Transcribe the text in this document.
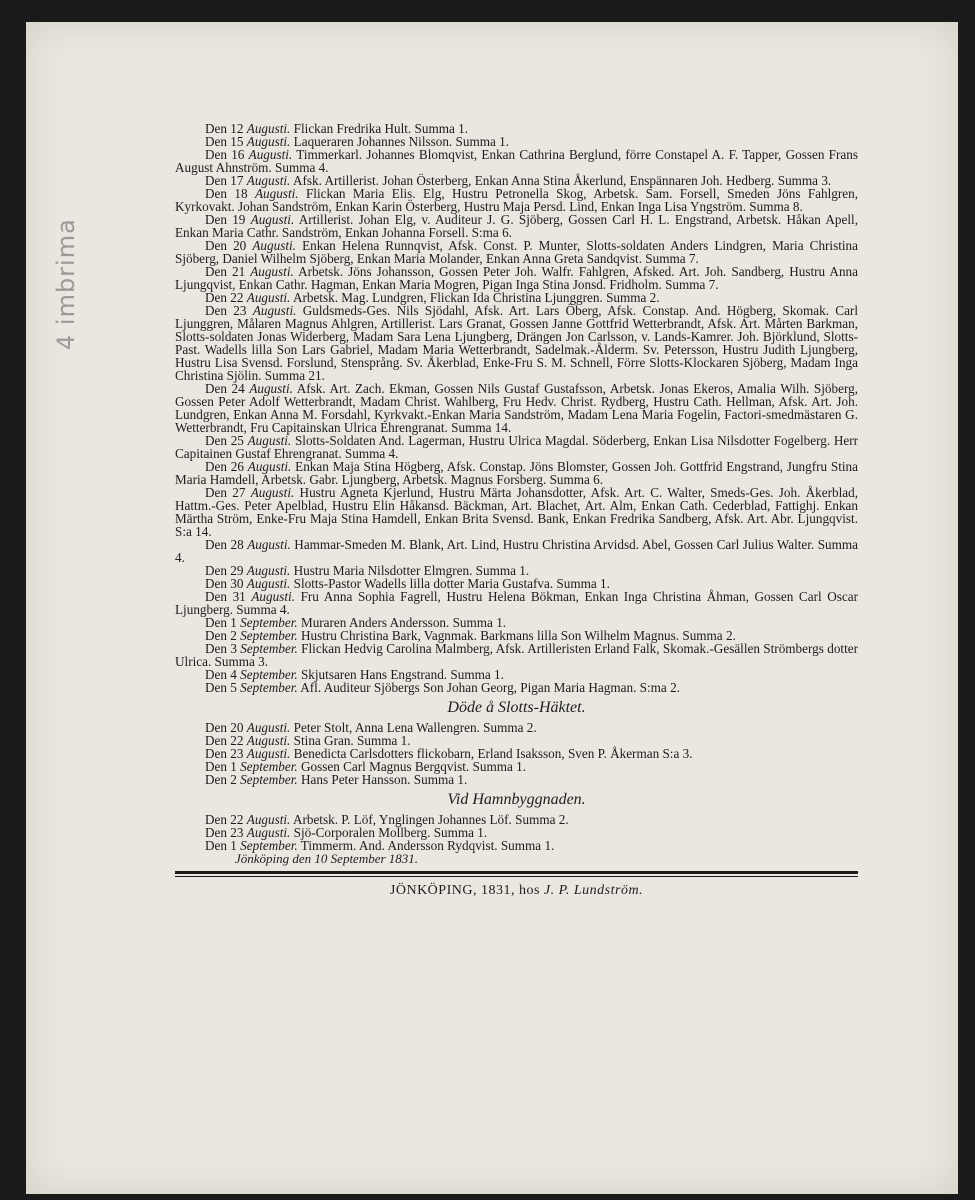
4 imbrima

Den 12 Augusti. Flickan Fredrika Hult. Summa 1.

Den 15 Augusti. Laqueraren Johannes Nilsson. Summa 1.

Den 16 Augusti. Timmerkarl. Johannes Blomqvist, Enkan Cathrina Berglund, förre Constapel A. F. Tapper, Gossen Frans August Ahnström. Summa 4.

Den 17 Augusti. Afsk. Artillerist. Johan Österberg, Enkan Anna Stina Åkerlund, Enspännaren Joh. Hedberg. Summa 3.

Den 18 Augusti. Flickan Maria Elis. Elg, Hustru Petronella Skog, Arbetsk. Sam. Forsell, Smeden Jöns Fahlgren, Kyrkovakt. Johan Sandström, Enkan Karin Österberg, Hustru Maja Persd. Lind, Enkan Inga Lisa Yngström. Summa 8.

Den 19 Augusti. Artillerist. Johan Elg, v. Auditeur J. G. Sjöberg, Gossen Carl H. L. Engstrand, Arbetsk. Håkan Apell, Enkan Maria Cathr. Sandström, Enkan Johanna Forsell. S:ma 6.

Den 20 Augusti. Enkan Helena Runnqvist, Afsk. Const. P. Munter, Slotts-soldaten Anders Lindgren, Maria Christina Sjöberg, Daniel Wilhelm Sjöberg, Enkan Maria Molander, Enkan Anna Greta Sandqvist. Summa 7.

Den 21 Augusti. Arbetsk. Jöns Johansson, Gossen Peter Joh. Walfr. Fahlgren, Afsked. Art. Joh. Sandberg, Hustru Anna Ljungqvist, Enkan Cathr. Hagman, Enkan Maria Mogren, Pigan Inga Stina Jonsd. Fridholm. Summa 7.

Den 22 Augusti. Arbetsk. Mag. Lundgren, Flickan Ida Christina Ljunggren. Summa 2.

Den 23 Augusti. Guldsmeds-Ges. Nils Sjödahl, Afsk. Art. Lars Öberg, Afsk. Constap. And. Högberg, Skomak. Carl Ljunggren, Målaren Magnus Ahlgren, Artillerist. Lars Granat, Gossen Janne Gottfrid Wetterbrandt, Afsk. Art. Mårten Barkman, Slotts-soldaten Jonas Widerberg, Madam Sara Lena Ljungberg, Drängen Jon Carlsson, v. Lands-Kamrer. Joh. Björklund, Slotts-Past. Wadells lilla Son Lars Gabriel, Madam Maria Wetterbrandt, Sadelmak.-Ålderm. Sv. Petersson, Hustru Judith Ljungberg, Hustru Lisa Svensd. Forslund, Stensprång. Sv. Åkerblad, Enke-Fru S. M. Schnell, Förre Slotts-Klockaren Sjöberg, Madam Inga Christina Sjölin. Summa 21.

Den 24 Augusti. Afsk. Art. Zach. Ekman, Gossen Nils Gustaf Gustafsson, Arbetsk. Jonas Ekeros, Amalia Wilh. Sjöberg, Gossen Peter Adolf Wetterbrandt, Madam Christ. Wahlberg, Fru Hedv. Christ. Rydberg, Hustru Cath. Hellman, Afsk. Art. Joh. Lundgren, Enkan Anna M. Forsdahl, Kyrkvakt.-Enkan Maria Sandström, Madam Lena Maria Fogelin, Factori-smedmästaren G. Wetterbrandt, Fru Capitainskan Ulrica Ehrengranat. Summa 14.

Den 25 Augusti. Slotts-Soldaten And. Lagerman, Hustru Ulrica Magdal. Söderberg, Enkan Lisa Nilsdotter Fogelberg. Herr Capitainen Gustaf Ehrengranat. Summa 4.

Den 26 Augusti. Enkan Maja Stina Högberg, Afsk. Constap. Jöns Blomster, Gossen Joh. Gottfrid Engstrand, Jungfru Stina Maria Hamdell, Arbetsk. Gabr. Ljungberg, Arbetsk. Magnus Forsberg. Summa 6.

Den 27 Augusti. Hustru Agneta Kjerlund, Hustru Märta Johansdotter, Afsk. Art. C. Walter, Smeds-Ges. Joh. Åkerblad, Hattm.-Ges. Peter Apelblad, Hustru Elin Håkansd. Bäckman, Art. Blachet, Art. Alm, Enkan Cath. Cederblad, Fattighj. Enkan Märtha Ström, Enke-Fru Maja Stina Hamdell, Enkan Brita Svensd. Bank, Enkan Fredrika Sandberg, Afsk. Art. Abr. Ljungqvist. S:a 14.

Den 28 Augusti. Hammar-Smeden M. Blank, Art. Lind, Hustru Christina Arvidsd. Abel, Gossen Carl Julius Walter. Summa 4.

Den 29 Augusti. Hustru Maria Nilsdotter Elmgren. Summa 1.

Den 30 Augusti. Slotts-Pastor Wadells lilla dotter Maria Gustafva. Summa 1.

Den 31 Augusti. Fru Anna Sophia Fagrell, Hustru Helena Bökman, Enkan Inga Christina Åhman, Gossen Carl Oscar Ljungberg. Summa 4.

Den 1 September. Muraren Anders Andersson. Summa 1.

Den 2 September. Hustru Christina Bark, Vagnmak. Barkmans lilla Son Wilhelm Magnus. Summa 2.

Den 3 September. Flickan Hedvig Carolina Malmberg, Afsk. Artilleristen Erland Falk, Skomak.-Gesällen Strömbergs dotter Ulrica. Summa 3.

Den 4 September. Skjutsaren Hans Engstrand. Summa 1.

Den 5 September. Afl. Auditeur Sjöbergs Son Johan Georg, Pigan Maria Hagman. S:ma 2.

Döde å Slotts-Häktet.

Den 20 Augusti. Peter Stolt, Anna Lena Wallengren. Summa 2.

Den 22 Augusti. Stina Gran. Summa 1.

Den 23 Augusti. Benedicta Carlsdotters flickobarn, Erland Isaksson, Sven P. Åkerman S:a 3.

Den 1 September. Gossen Carl Magnus Bergqvist. Summa 1.

Den 2 September. Hans Peter Hansson. Summa 1.

Vid Hamnbyggnaden.

Den 22 Augusti. Arbetsk. P. Löf, Ynglingen Johannes Löf. Summa 2.

Den 23 Augusti. Sjö-Corporalen Mollberg. Summa 1.

Den 1 September. Timmerm. And. Andersson Rydqvist. Summa 1.

Jönköping den 10 September 1831.
JÖNKÖPING, 1831, hos J. P. Lundström.
